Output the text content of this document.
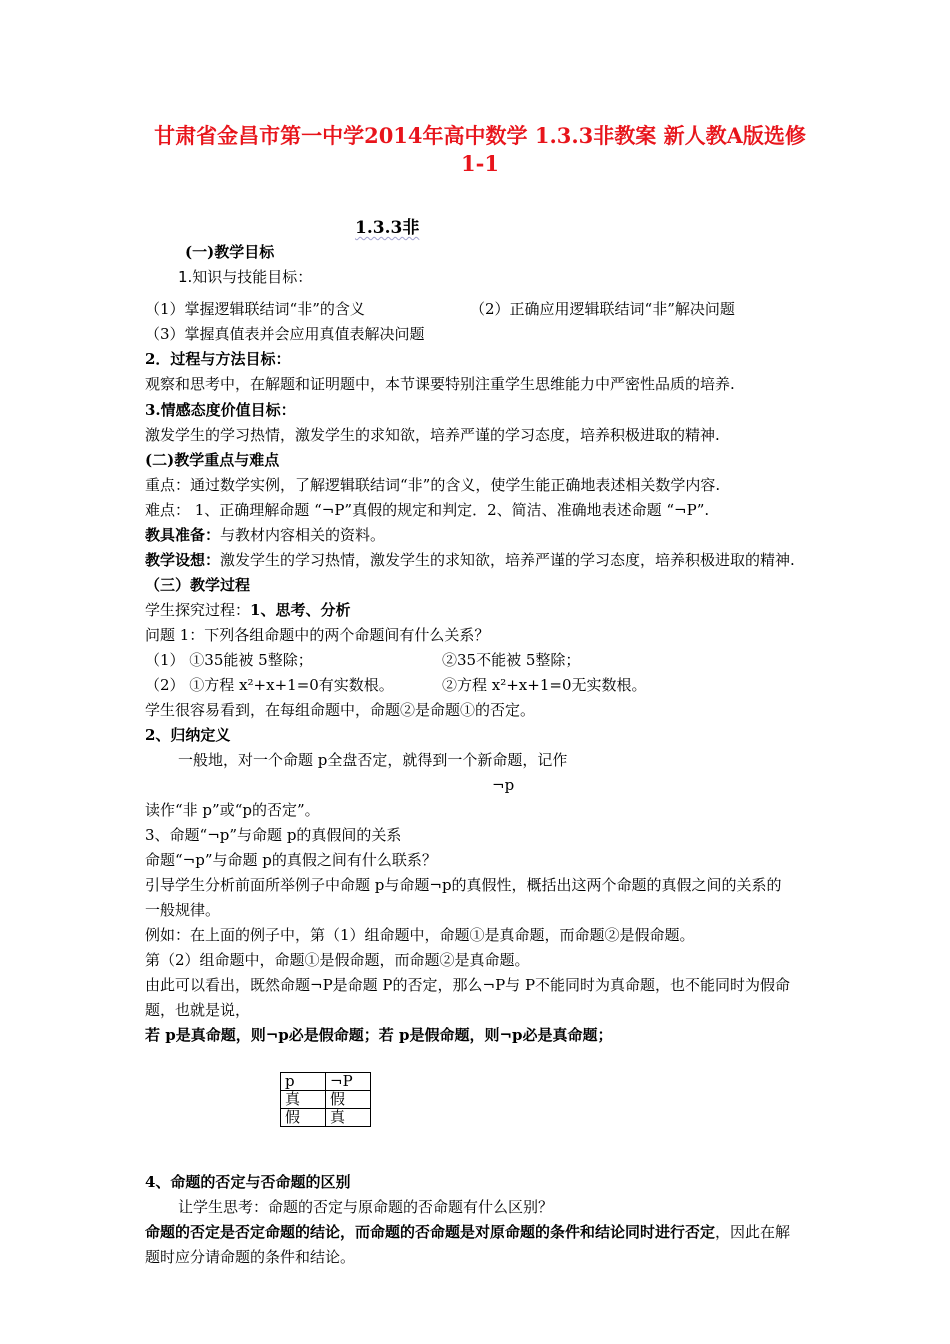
甘肃省金昌市第一中学2014年高中数学 1.3.3非教案 新人教A版选修
1-1
1.3.3非
(一)教学目标
1.知识与技能目标：
（1）掌握逻辑联结词“非”的含义	（2）正确应用逻辑联结词“非”解决问题
（3）掌握真值表并会应用真值表解决问题
2．过程与方法目标：
观察和思考中，在解题和证明题中，本节课要特别注重学生思维能力中严密性品质的培养.
3.情感态度价值目标：
激发学生的学习热情，激发学生的求知欲，培养严谨的学习态度，培养积极进取的精神.
(二)教学重点与难点
重点：通过数学实例，了解逻辑联结词“非”的含义，使学生能正确地表述相关数学内容.
难点： 1、正确理解命题 “¬P”真假的规定和判定．2、简洁、准确地表述命题 “¬P”.
教具准备：与教材内容相关的资料。
教学设想：激发学生的学习热情，激发学生的求知欲，培养严谨的学习态度，培养积极进取的精神.
（三）教学过程
学生探究过程：1、思考、分析
问题 1：下列各组命题中的两个命题间有什么关系？
（1） ①35能被 5整除；	②35不能被 5整除；
（2） ①方程 x²+x+1=0有实数根。	②方程 x²+x+1=0无实数根。
学生很容易看到，在每组命题中，命题②是命题①的否定。
2、归纳定义
一般地，对一个命题 p全盘否定，就得到一个新命题，记作
¬p
读作“非 p”或“p的否定”。
3、命题“¬p”与命题 p的真假间的关系
命题“¬p”与命题 p的真假之间有什么联系？
引导学生分析前面所举例子中命题 p与命题¬p的真假性，概括出这两个命题的真假之间的关系的
一般规律。
例如：在上面的例子中，第（1）组命题中，命题①是真命题，而命题②是假命题。
第（2）组命题中，命题①是假命题，而命题②是真命题。
由此可以看出，既然命题¬P是命题 P的否定，那么¬P与 P不能同时为真命题，也不能同时为假命
题，也就是说，
若 p是真命题，则¬p必是假命题；若 p是假命题，则¬p必是真命题；
p	¬P
真	假
假	真
4、命题的否定与否命题的区别
让学生思考：命题的否定与原命题的否命题有什么区别？
命题的否定是否定命题的结论，而命题的否命题是对原命题的条件和结论同时进行否定，因此在解
题时应分请命题的条件和结论。
